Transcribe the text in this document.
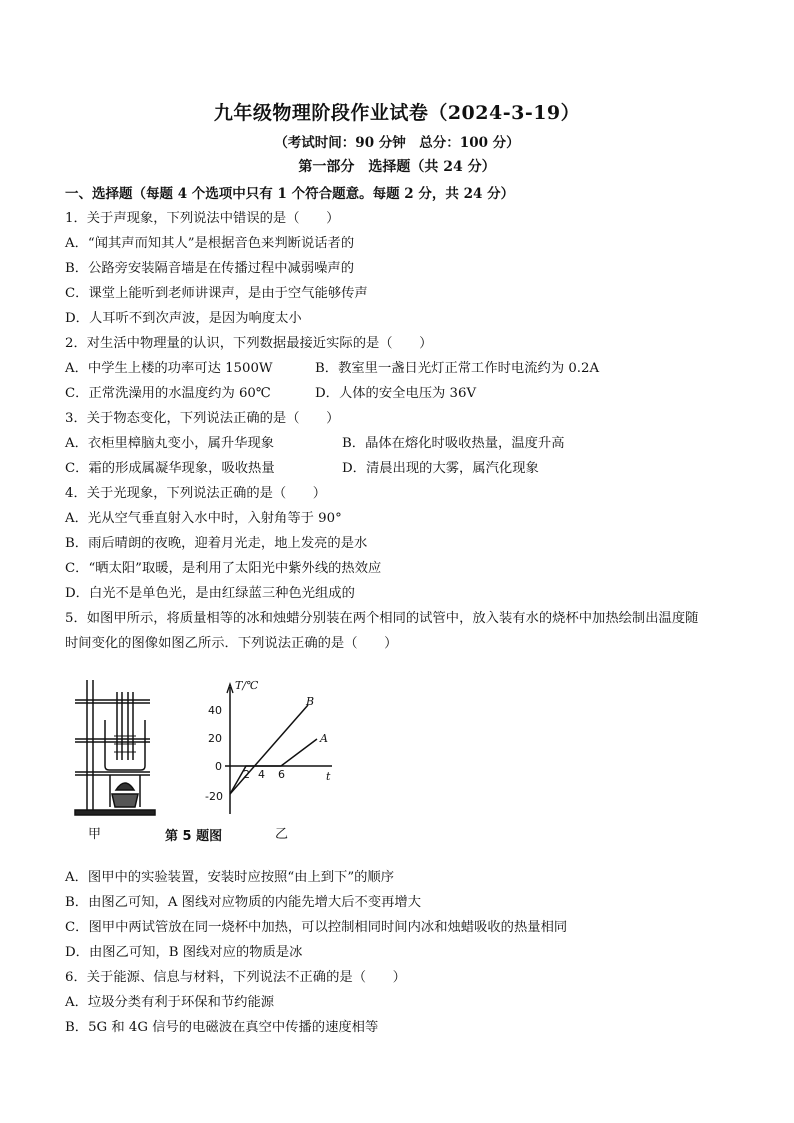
九年级物理阶段作业试卷（2024-3-19）
（考试时间：90 分钟　总分：100 分）
第一部分　选择题（共 24 分）
一、选择题（每题 4 个选项中只有 1 个符合题意。每题 2 分，共 24 分）
1．关于声现象，下列说法中错误的是（　　）
A．“闻其声而知其人”是根据音色来判断说话者的
B．公路旁安装隔音墙是在传播过程中减弱噪声的
C．课堂上能听到老师讲课声，是由于空气能够传声
D．人耳听不到次声波，是因为响度太小
2．对生活中物理量的认识，下列数据最接近实际的是（　　）
A．中学生上楼的功率可达 1500W	B．教室里一盏日光灯正常工作时电流约为 0.2A
C．正常洗澡用的水温度约为 60℃	D．人体的安全电压为 36V
3．关于物态变化，下列说法正确的是（　　）
A．衣柜里樟脑丸变小，属升华现象	B．晶体在熔化时吸收热量，温度升高
C．霜的形成属凝华现象，吸收热量	D．清晨出现的大雾，属汽化现象
4．关于光现象，下列说法正确的是（　　）
A．光从空气垂直射入水中时，入射角等于 90°
B．雨后晴朗的夜晚，迎着月光走，地上发亮的是水
C．“晒太阳”取暖，是利用了太阳光中紫外线的热效应
D．白光不是单色光，是由红绿蓝三种色光组成的
5．如图甲所示，将质量相等的冰和烛蜡分别装在两个相同的试管中，放入装有水的烧杯中加热绘制出温度随
时间变化的图像如图乙所示．下列说法正确的是（　　）
甲	第 5 题图
T/℃
t
40
20
0
-20
2 4 6
B
A
乙
A．图甲中的实验装置，安装时应按照“由上到下”的顺序
B．由图乙可知，A 图线对应物质的内能先增大后不变再增大
C．图甲中两试管放在同一烧杯中加热，可以控制相同时间内冰和烛蜡吸收的热量相同
D．由图乙可知，B 图线对应的物质是冰
6．关于能源、信息与材料，下列说法不正确的是（　　）
A．垃圾分类有利于环保和节约能源
B．5G 和 4G 信号的电磁波在真空中传播的速度相等
